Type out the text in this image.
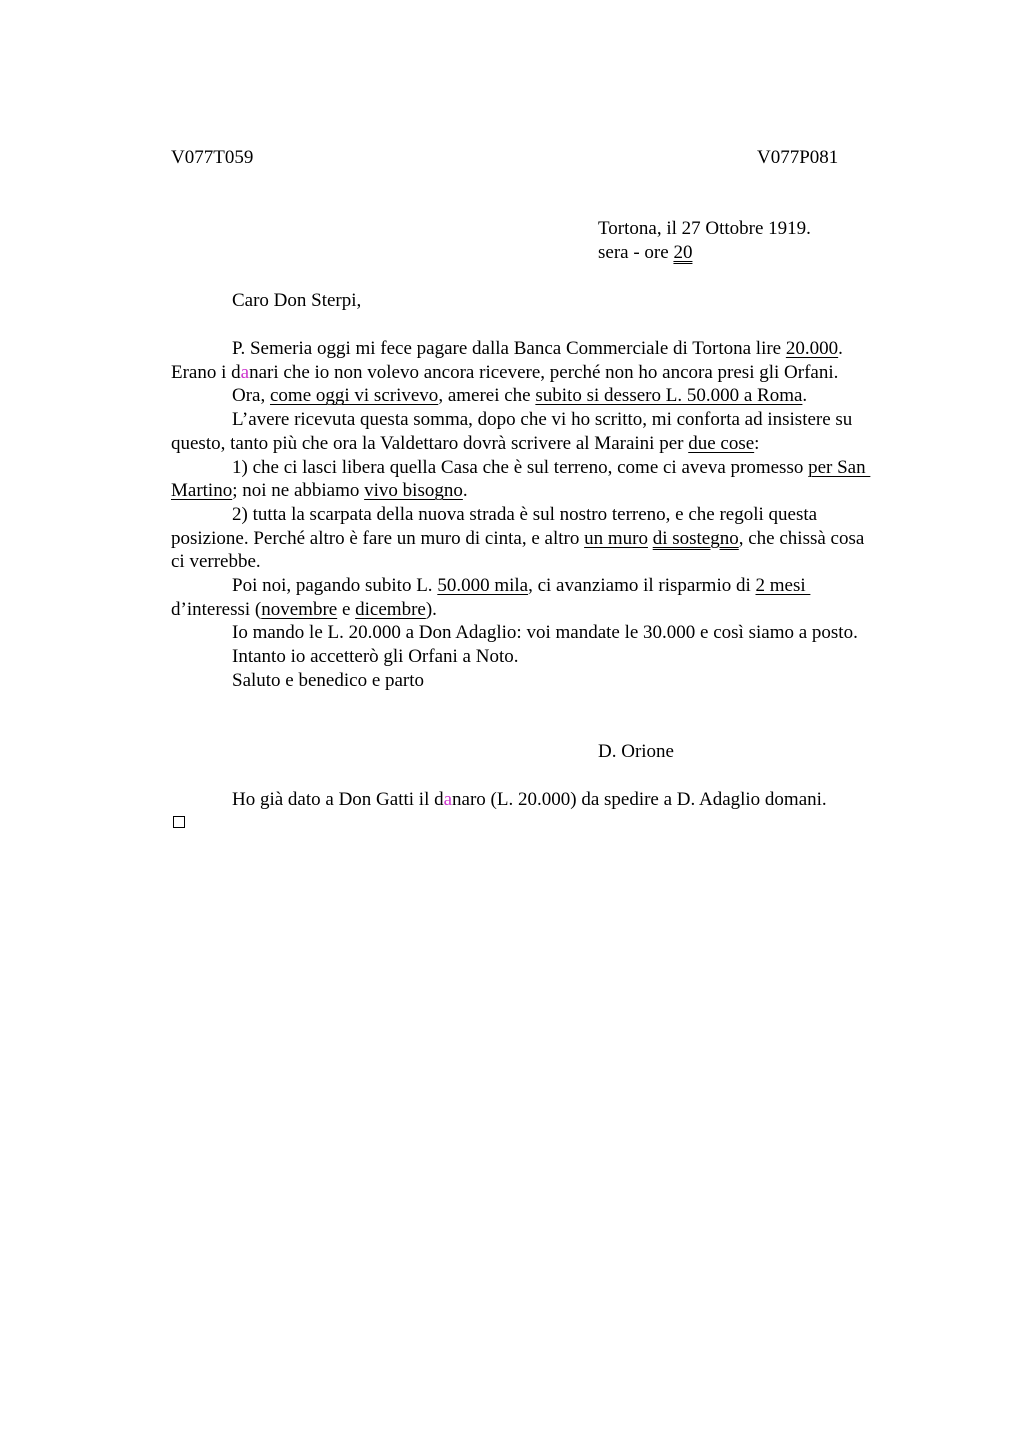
V077T059	V077P081
Tortona, il 27 Ottobre 1919.
sera - ore 20
Caro Don Sterpi,
P. Semeria oggi mi fece pagare dalla Banca Commerciale di Tortona lire 20.000.
Erano i danari che io non volevo ancora ricevere, perché non ho ancora presi gli Orfani.
Ora, come oggi vi scrivevo, amerei che subito si dessero L. 50.000 a Roma.
L’avere ricevuta questa somma, dopo che vi ho scritto, mi conforta ad insistere su
questo, tanto più che ora la Valdettaro dovrà scrivere al Maraini per due cose:
1) che ci lasci libera quella Casa che è sul terreno, come ci aveva promesso per San
Martino; noi ne abbiamo vivo bisogno.
2) tutta la scarpata della nuova strada è sul nostro terreno, e che regoli questa
posizione. Perché altro è fare un muro di cinta, e altro un muro di sostegno, che chissà cosa
ci verrebbe.
Poi noi, pagando subito L. 50.000 mila, ci avanziamo il risparmio di 2 mesi
d’interessi (novembre e dicembre).
Io mando le L. 20.000 a Don Adaglio: voi mandate le 30.000 e così siamo a posto.
Intanto io accetterò gli Orfani a Noto.
Saluto e benedico e parto
D. Orione
Ho già dato a Don Gatti il danaro (L. 20.000) da spedire a D. Adaglio domani.
